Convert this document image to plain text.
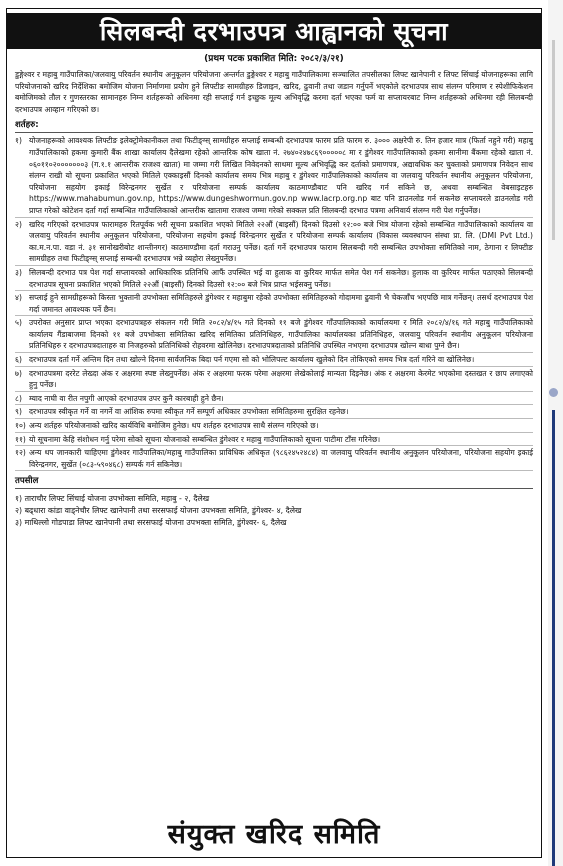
सिलबन्दी दरभाउपत्र आह्वानको सूचना
(प्रथम पटक प्रकाशित मिति: २०८२/३/२१)
डुङ्गेश्वर र महाबु गाउँपालिका/जलवायु परिवर्तन स्थानीय अनुकूलन परियोजना अन्तर्गत डुङ्गेश्वर र महाबु गाउँपालिकामा सञ्चालित तपसीलका लिफ्ट खानेपानी र लिफ्ट सिंचाई योजनाहरूका लागि परियोजनाको खरिद निर्देशिका बमोजिम योजना निर्माणमा प्रयोग हुने लिफ्टीङ सामग्रीहरु डिजाइन, खरिद, ढुवानी तथा जडान गर्नुपर्ने भएकोले दरभाउपत्र साथ संलग्न परिमाण र स्पेशीफिकेशन बमोजिमको तौल र गुणस्तरका सामानहरु निम्न शर्तहरूको अधिनमा रही सप्लाई गर्न इच्छुक मूल्य अभिवृद्धि करमा दर्ता भएका फर्म वा सप्लायरबाट निम्न शर्तहरूको अधिनमा रही सिलबन्दी दरभाउपत्र आव्हान गरिएको छ।
शर्तहरु:
१) योजनाहरूको आवश्यक लिफ्टीङ इलेक्ट्रोमेकानीकल तथा फिटीङ्ग्स् सामग्रीहरु सप्लाई सम्बन्धी दरभाउपत्र फारम प्रति फारम रु. ३००० अक्षरेपी रु. तिन हजार मात्र (फिर्ता नहुने गरी) महाबु गाउँपालिकाको हकमा कुमारी बैंक शाखा कार्यालय दैलेखमा रहेको आन्तरिक कोष खाता नं. २७४०२४७८६९०००००८ मा र डुंगेश्वर गाउँपालिकाको हकमा सानीमा बैंकमा रहेको खाता नं. ०६०११०२०००००००३ (ग.१.१ आन्तरीक राजश्व खाता) मा जम्मा गरी लिखित निवेदनको साथमा मूल्य अभिवृद्धि कर दर्ताको प्रमाणपत्र, अद्यावधिक कर चुक्ताको प्रमाणपत्र निवेदन साथ संलग्न राखी यो सूचना प्रकाशित भएको मितिले एक्काइसौं दिनको कार्यालय समय भित्र महाबु र डुंगेश्वर गाउँपालिकाको कार्यालय वा जलवायु परिवर्तन स्थानीय अनुकूलन परियोजना, परियोजना सहयोग इकाई विरेन्द्रनगर सुर्खेत र परियोजना सम्पर्क कार्यालय काठमाण्डौबाट पनि खरिद गर्न सकिने छ, अथवा सम्बन्धित वेबसाइटहरु https://www.mahabumun.gov.np, https://www.dungeshwormun.gov.np www.lacrp.org.np बाट पनि डाउनलोड गर्न सकनेछ सप्लायरले डाउनलोड गरी प्राप्त गरेको कोटेशन दर्ता गर्दा सम्बन्धित गाउँपालिकाको आन्तरीक खातामा राजश्व जम्मा गरेको सक्कल प्रति सिलबन्दी दरभाउ पत्रमा अनिवार्य संलग्न गरी पेश गर्नुपर्नेछ।
२) खरिद गरिएको दरभाउपत्र फारामहरु रितपूर्वक भरी सूचना प्रकाशित भएको मितिले २२औं (बाइसौं) दिनको दिउसो १२:०० बजे भित्र योजना रहेको सम्बन्धित गाउँपालिकाको कार्यालय वा जलवायु परिवर्तन स्थानीय अनुकूलन परियोजना, परियोजना सहयोग इकाई विरेन्द्रनगर सुर्खेत र परियोजना सम्पर्क कार्यालय (विकास व्यवस्थापन संस्था प्रा. लि. (DMI Pvt Ltd.) का.म.न.पा. वडा नं. ३१ सानोखरीबोट शान्तीनगर) काठमाण्डौमा दर्ता गराउनु पर्नेछ। दर्ता गर्ने दरभाउपत्र फाराम सिलबन्दी गरी सम्बन्धित उपभोक्ता समितिको नाम, ठेगाना र लिफ्टीङ सामग्रीहरु तथा फिटीङ्ग्स् सप्लाई सम्बन्धी दरभाउपत्र भन्ने व्यहोरा लेख्नुपर्नेछ।
३) सिलबन्दी दरभाउ पत्र पेश गर्दा सप्लायरको आधिकारिक प्रतिनिधि आफैं उपस्थित भई वा हुलाक वा कुरियर मार्फत समेत पेश गर्न सकनेछ। हुलाक वा कुरियर मार्फत पठाएको सिलबन्दी दरभाउपत्र सूचना प्रकाशित भएको मितिले २२औं (बाइसौं) दिनको दिउसो १२:०० बजे भित्र प्राप्त भईसक्नु पर्नेछ।
४) सप्लाई हुने सामग्रीहरूको किस्ता भुक्तानी उपभोक्ता समितिहरुले डुंगेश्वर र महाबुमा रहेको उपभोक्ता समितिहरुको गोदाममा ढुवानी भै चेकजाँच भएपछि मात्र गर्नेछन्। तसर्थ दरभाउपत्र पेश गर्दा जमानत आवश्यक पर्ने छैन।
५) उपरोक्त अनुसार प्राप्त भएका दरभाउपत्रहरु संकलन गरी मिति २०८२/४/१५ गते दिनको ११ बजे डुंगेश्वर गाँउपालिकाको कार्यालयमा र मिति २०८२/४/१६ गते महाबु गाउँपालिकाको कार्यालय गैंडाबाजमा दिनको ११ बजे उपभोक्ता समितिका खरिद समितिका प्रतिनिधिहरु, गाउँपालिका कार्यालयका प्रतिनिधिहरु, जलवायु परिवर्तन स्थानीय अनुकूलन परियोजना प्रतिनिधिहरु र दरभाउपत्रदाताहरु वा निजहरुको प्रतिनिधिको रोहवरमा खोलिनेछ। दरभाउपत्रदाताको प्रतिनिधि उपस्थित नभएमा दरभाउपत्र खोल्न बाधा पुग्ने छैन।
६) दरभाउपत्र दर्ता गर्ने अन्तिम दिन तथा खोल्ने दिनमा सार्वजनिक बिदा पर्न गएमा सो को भोलिपल्ट कार्यालय खुलेको दिन तोकिएको समय भित्र दर्ता गरिने वा खोलिनेछ।
७) दरभाउपत्रमा दररेट लेख्दा अंक र अक्षरमा स्पष्ट लेख्नुपर्नेछ। अंक र अक्षरमा फरक परेमा अक्षरमा लेखेकोलाई मान्यता दिइनेछ। अंक र अक्षरमा केरमेट भएकोमा दस्तखत र छाप लगाएको हुनु पर्नेछ।
८) म्याद नाघी वा रीत नपुगी आएको दरभाउपत्र उपर कुनै कारबाही हुने छैन।
९) दरभाउपत्र स्वीकृत गर्ने वा नगर्ने वा आंशिक रुपमा स्वीकृत गर्ने सम्पूर्ण अधिकार उपभोक्ता समितिहरुमा सुरक्षित रहनेछ।
१०) अन्य शर्तहरु परियोजनाको खरिद कार्यविधि बमोजिम हुनेछ। थप शर्तहरु दरभाउपत्र साथै संलग्न गरिएको छ।
११) यो सूचनामा केहि संशोधन गर्नु परेमा सोको सूचना योजनाको सम्बन्धित डुंगेश्वर र महाबु गाउँपालिकाको सूचना पाटीमा टाँस गरिनेछ।
१२) अन्य थप जानकारी चाहिएमा डुंगेश्वर गाउँपालिका/महाबु गाउँपालिका प्राविधिक अधिकृत (९८६२४५२४८४) वा जलवायु परिवर्तन स्थानीय अनुकूलन परियोजना, परियोजना सहयोग इकाई विरेन्द्रनगर, सुर्खेत (०८३-५९०४६८) सम्पर्क गर्न सकिनेछ।
तपसील
१) ताराचौर लिफ्ट सिंचाई योजना उपभोक्ता समिति, महाबु - २, दैलेख
२) बढ्धारा कांडा वाड्नेचौर लिफ्ट खानेपानी तथा सरसफाई योजना उपभक्ता समिति, डुंगेश्वर- ४, दैलेख
३) माथिल्लो गोडपाडा लिफ्ट खानेपानी तथा सरसफाई योजना उपभक्ता समिति, डुंगेश्वर- ६, दैलेख
संयुक्त खरिद समिति
